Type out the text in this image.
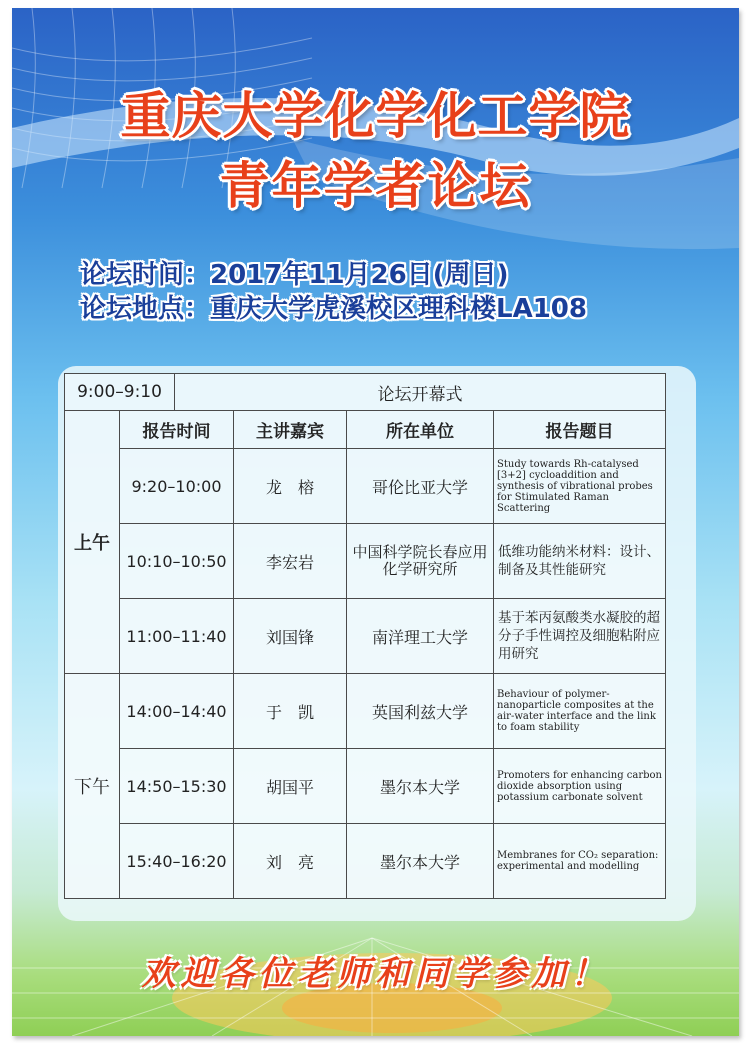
重庆大学化学化工学院
青年学者论坛
论坛时间：2017年11月26日(周日)
论坛地点：重庆大学虎溪校区理科楼LA108
欢迎各位老师和同学参加！
9:00–9:10		论坛开幕式			
上午	报告时间		主讲嘉宾	所在单位	报告题目
	9:20–10:00		龙　榕	哥伦比亚大学	Study towards Rh-catalysed [3+2] cycloaddition and synthesis of vibrational probes for Stimulated Raman Scattering
	10:10–10:50		李宏岩	中国科学院长春应用化学研究所	低维功能纳米材料：设计、制备及其性能研究
	11:00–11:40		刘国锋	南洋理工大学	基于苯丙氨酸类水凝胶的超分子手性调控及细胞粘附应用研究
下午	14:00–14:40		于　凯	英国利兹大学	Behaviour of polymer-nanoparticle composites at the air-water interface and the link to foam stability
	14:50–15:30		胡国平	墨尔本大学	Promoters for enhancing carbon dioxide absorption using potassium carbonate solvent
	15:40–16:20		刘　亮	墨尔本大学	Membranes for CO₂ separation: experimental and modelling
